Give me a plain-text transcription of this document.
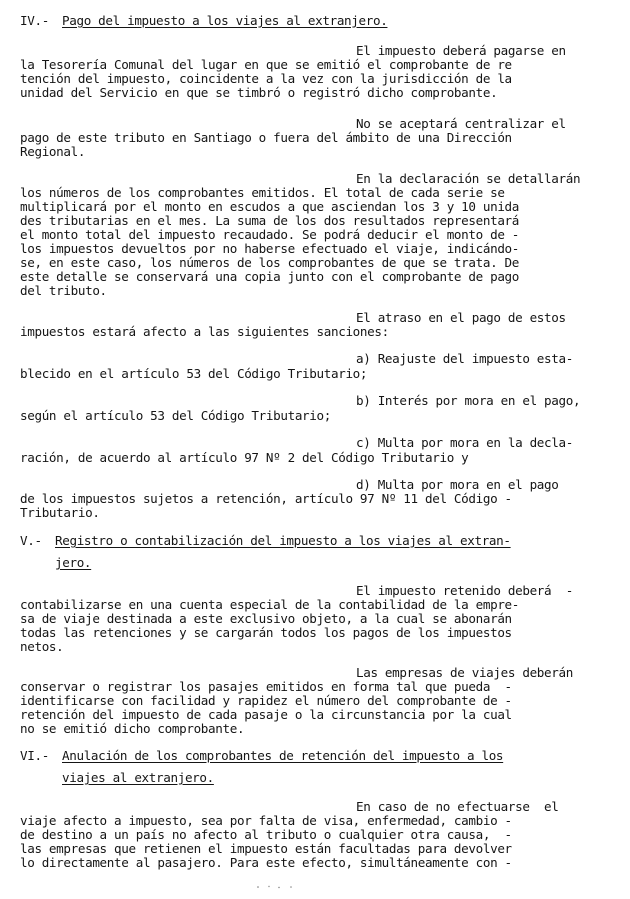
IV.- Pago del impuesto a los viajes al extranjero.
El impuesto deberá pagarse en
la Tesorería Comunal del lugar en que se emitió el comprobante de re
tención del impuesto, coincidente a la vez con la jurisdicción de la
unidad del Servicio en que se timbró o registró dicho comprobante.
No se aceptará centralizar el
pago de este tributo en Santiago o fuera del ámbito de una Dirección
Regional.
En la declaración se detallarán
los números de los comprobantes emitidos. El total de cada serie se
multiplicará por el monto en escudos a que asciendan los 3 y 10 unida
des tributarias en el mes. La suma de los dos resultados representará
el monto total del impuesto recaudado. Se podrá deducir el monto de -
los impuestos devueltos por no haberse efectuado el viaje, indicándo-
se, en este caso, los números de los comprobantes de que se trata. De
este detalle se conservará una copia junto con el comprobante de pago
del tributo.
El atraso en el pago de estos
impuestos estará afecto a las siguientes sanciones:
a) Reajuste del impuesto esta-
blecido en el artículo 53 del Código Tributario;
b) Interés por mora en el pago,
según el artículo 53 del Código Tributario;
c) Multa por mora en la decla-
ración, de acuerdo al artículo 97 Nº 2 del Código Tributario y
d) Multa por mora en el pago
de los impuestos sujetos a retención, artículo 97 Nº 11 del Código -
Tributario.
V.- Registro o contabilización del impuesto a los viajes al extran-
jero.
El impuesto retenido deberá  -
contabilizarse en una cuenta especial de la contabilidad de la empre-
sa de viaje destinada a este exclusivo objeto, a la cual se abonarán
todas las retenciones y se cargarán todos los pagos de los impuestos
netos.
Las empresas de viajes deberán
conservar o registrar los pasajes emitidos en forma tal que pueda  -
identificarse con facilidad y rapidez el número del comprobante de -
retención del impuesto de cada pasaje o la circunstancia por la cual
no se emitió dicho comprobante.
VI.- Anulación de los comprobantes de retención del impuesto a los
viajes al extranjero.
En caso de no efectuarse  el
viaje afecto a impuesto, sea por falta de visa, enfermedad, cambio -
de destino a un país no afecto al tributo o cualquier otra causa,  -
las empresas que retienen el impuesto están facultadas para devolver
lo directamente al pasajero. Para este efecto, simultáneamente con -
